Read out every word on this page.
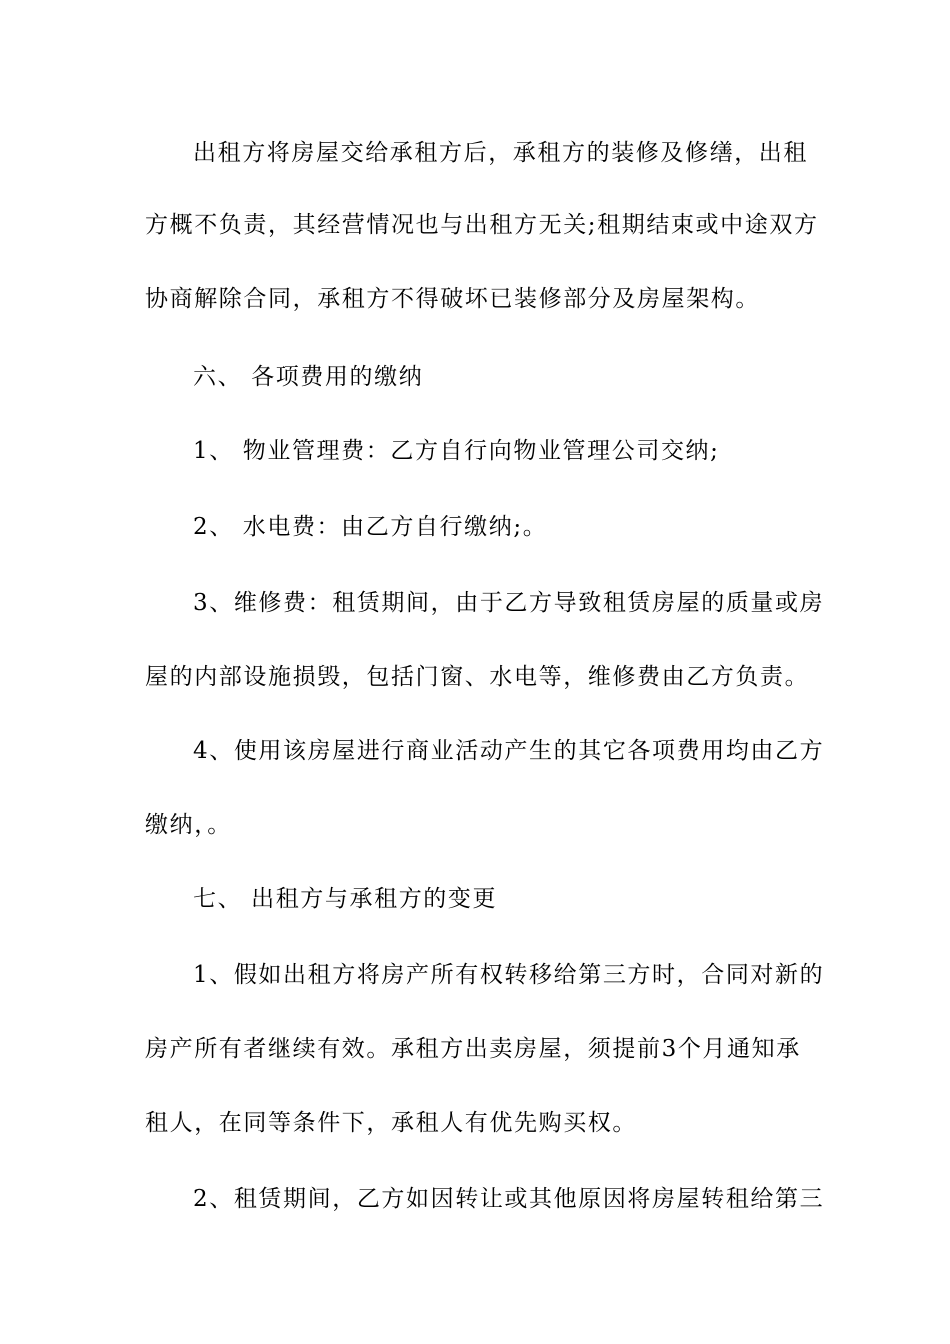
出租方将房屋交给承租方后，承租方的装修及修缮，出租
方概不负责，其经营情况也与出租方无关;租期结束或中途双方
协商解除合同，承租方不得破坏已装修部分及房屋架构。
六、 各项费用的缴纳
1、 物业管理费：乙方自行向物业管理公司交纳;
2、 水电费：由乙方自行缴纳;。
3、维修费：租赁期间，由于乙方导致租赁房屋的质量或房
屋的内部设施损毁，包括门窗、水电等，维修费由乙方负责。
4、使用该房屋进行商业活动产生的其它各项费用均由乙方
缴纳，。
七、 出租方与承租方的变更
1、假如出租方将房产所有权转移给第三方时，合同对新的
房产所有者继续有效。承租方出卖房屋，须提前3个月通知承
租人，在同等条件下，承租人有优先购买权。
2、租赁期间，乙方如因转让或其他原因将房屋转租给第三
